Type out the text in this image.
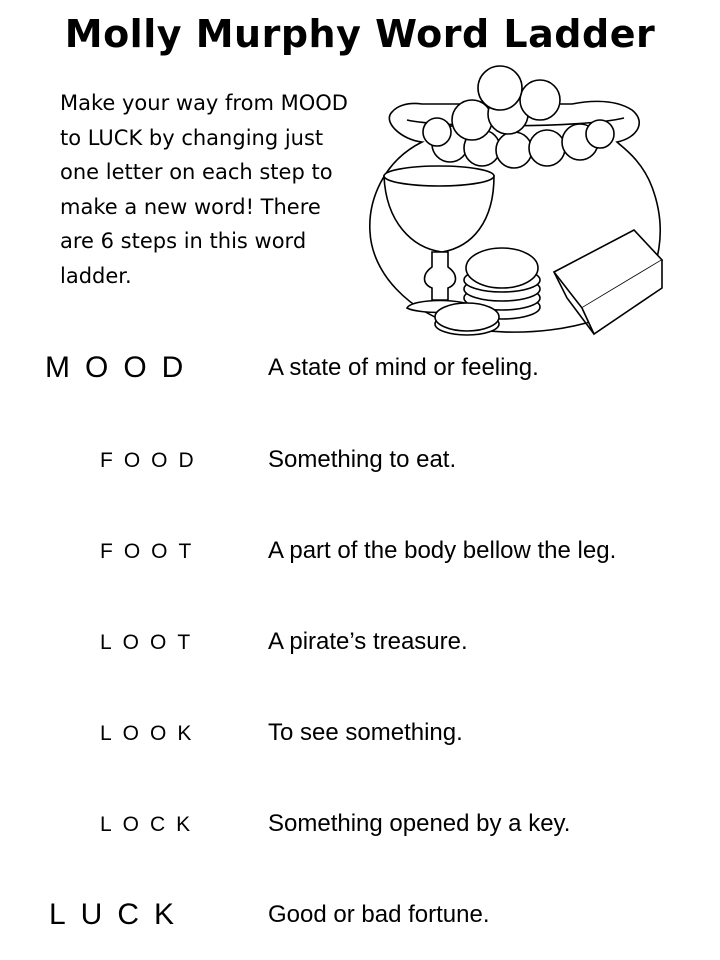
Molly Murphy Word Ladder
Make your way from MOOD to LUCK by changing just one letter on each step to make a new word! There are 6 steps in this word ladder.
MOOD	A state of mind or feeling.
FOOD	Something to eat.
FOOT	A part of the body bellow the leg.
LOOT	A pirate’s treasure.
LOOK	To see something.
LOCK	Something opened by a key.
LUCK	Good or bad fortune.
